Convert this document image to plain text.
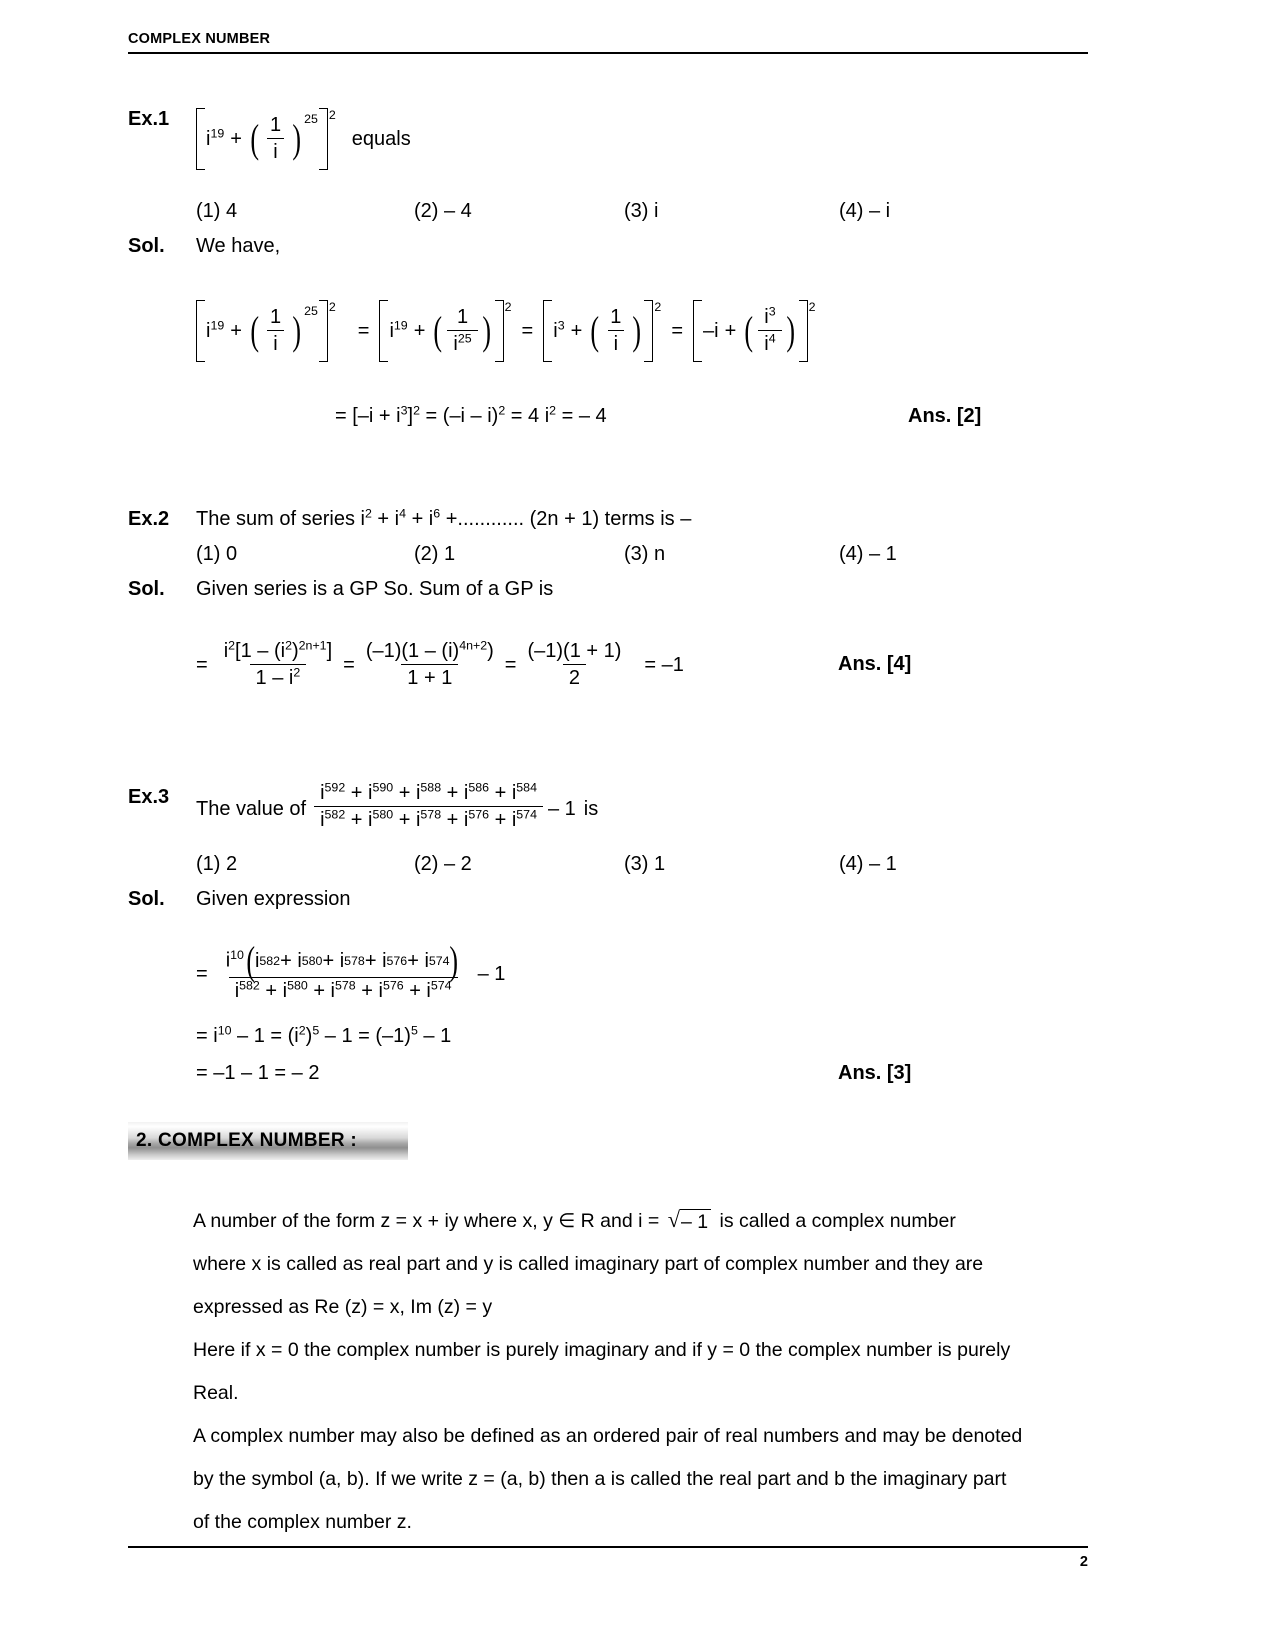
COMPLEX NUMBER
Ex.1
$i^{19}$ + ( $\frac{1}{i}$
) 25 2
equals
(1) 4	(2) – 4	(3) i	(4) – i
Sol.	We have,
$i^{19}$ + ( $\frac{1}{i}$
) 25 2
= $i^{19}$ + ( $\frac{1}{i^{25}}$
) 2
= $i^3$ + ( $\frac{1}{i}$
) 2
= –i + ( $\frac{i^3}{i^4}$
) 2
= $[-i + i^3]^2 = (-i - i)^2 = 4$ $i^2$ = – 4	Ans. [2]
Ex.2	The sum of series $i^2 + i^4 + i^6$ +............ (2n + 1) terms is –
(1) 0	(2) 1	(3) n	(4) – 1
Sol.	Given series is a GP So. Sum of a GP is
= $\frac{i^2[1 - (i^2)^{2n+1}]}{1 - i^2} = \frac{(-1)(1 - (i)^{4n+2})}{1 + 1} = \frac{(-1)(1 + 1)}{2} = -1$	Ans. [4]
Ex.3
The value of $\frac{i^{592} + i^{590} + i^{588} + i^{586} + i^{584}}{i^{582} + i^{580} + i^{578} + i^{576} + i^{574}} - 1$ is
(1) 2	(2) – 2	(3) 1	(4) – 1
Sol.	Given expression
= $i^{10}$ ( i 582 + i 580 + i 578 + i 576 + i 574
)
$i^{582} + i^{580} + i^{578} + i^{576} + i^{574} - 1$
= $i^{10} - 1 = (i^2)^5 - 1 = (-1)^5 - 1$
= –1 – 1 = – 2	Ans. [3]
2. COMPLEX NUMBER :

A number of the form z = x + iy where x, y ∈ R and i = √ – 1 is called a complex number

where x is called as real part and y is called imaginary part of complex number and they are

expressed as Re (z) = x, Im (z) = y

Here if x = 0 the complex number is purely imaginary and if y = 0 the complex number is purely

Real.

A complex number may also be defined as an ordered pair of real numbers and may be denoted

by the symbol (a, b). If we write z = (a, b) then a is called the real part and b the imaginary part

of the complex number z.

2
